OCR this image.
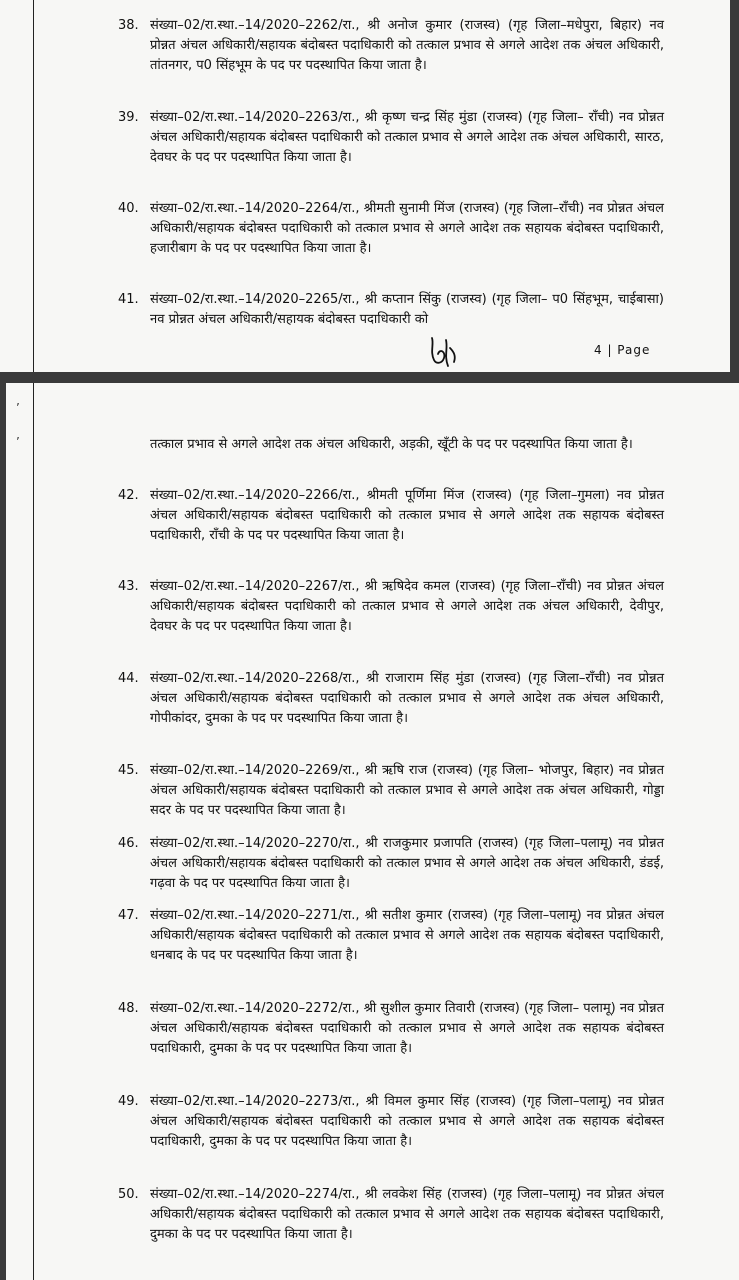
38. संख्या–02/रा.स्था.–14/2020–2262/रा., श्री अनोज कुमार (राजस्व) (गृह जिला–मधेपुरा, बिहार) नव प्रोन्नत अंचल अधिकारी/सहायक बंदोबस्त पदाधिकारी को तत्काल प्रभाव से अगले आदेश तक अंचल अधिकारी, तांतनगर, प0 सिंहभूम के पद पर पदस्थापित किया जाता है।
39. संख्या–02/रा.स्था.–14/2020–2263/रा., श्री कृष्ण चन्द्र सिंह मुंडा (राजस्व) (गृह जिला– राँची) नव प्रोन्नत अंचल अधिकारी/सहायक बंदोबस्त पदाधिकारी को तत्काल प्रभाव से अगले आदेश तक अंचल अधिकारी, सारठ, देवघर के पद पर पदस्थापित किया जाता है।
40. संख्या–02/रा.स्था.–14/2020–2264/रा., श्रीमती सुनामी मिंज (राजस्व) (गृह जिला–राँची) नव प्रोन्नत अंचल अधिकारी/सहायक बंदोबस्त पदाधिकारी को तत्काल प्रभाव से अगले आदेश तक सहायक बंदोबस्त पदाधिकारी, हजारीबाग के पद पर पदस्थापित किया जाता है।
41. संख्या–02/रा.स्था.–14/2020–2265/रा., श्री कप्तान सिंकु (राजस्व) (गृह जिला– प0 सिंहभूम, चाईबासा) नव प्रोन्नत अंचल अधिकारी/सहायक बंदोबस्त पदाधिकारी को
4 | Page
’
’	तत्काल प्रभाव से अगले आदेश तक अंचल अधिकारी, अड़की, खूँटी के पद पर पदस्थापित किया जाता है।
42. संख्या–02/रा.स्था.–14/2020–2266/रा., श्रीमती पूर्णिमा मिंज (राजस्व) (गृह जिला–गुमला) नव प्रोन्नत अंचल अधिकारी/सहायक बंदोबस्त पदाधिकारी को तत्काल प्रभाव से अगले आदेश तक सहायक बंदोबस्त पदाधिकारी, राँची के पद पर पदस्थापित किया जाता है।
43. संख्या–02/रा.स्था.–14/2020–2267/रा., श्री ऋषिदेव कमल (राजस्व) (गृह जिला–राँची) नव प्रोन्नत अंचल अधिकारी/सहायक बंदोबस्त पदाधिकारी को तत्काल प्रभाव से अगले आदेश तक अंचल अधिकारी, देवीपुर, देवघर के पद पर पदस्थापित किया जाता है।
44. संख्या–02/रा.स्था.–14/2020–2268/रा., श्री राजाराम सिंह मुंडा (राजस्व) (गृह जिला–राँची) नव प्रोन्नत अंचल अधिकारी/सहायक बंदोबस्त पदाधिकारी को तत्काल प्रभाव से अगले आदेश तक अंचल अधिकारी, गोपीकांदर, दुमका के पद पर पदस्थापित किया जाता है।
45. संख्या–02/रा.स्था.–14/2020–2269/रा., श्री ऋषि राज (राजस्व) (गृह जिला– भोजपुर, बिहार) नव प्रोन्नत अंचल अधिकारी/सहायक बंदोबस्त पदाधिकारी को तत्काल प्रभाव से अगले आदेश तक अंचल अधिकारी, गोड्डा सदर के पद पर पदस्थापित किया जाता है।
46. संख्या–02/रा.स्था.–14/2020–2270/रा., श्री राजकुमार प्रजापति (राजस्व) (गृह जिला–पलामू) नव प्रोन्नत अंचल अधिकारी/सहायक बंदोबस्त पदाधिकारी को तत्काल प्रभाव से अगले आदेश तक अंचल अधिकारी, डंडई, गढ़वा के पद पर पदस्थापित किया जाता है।
47. संख्या–02/रा.स्था.–14/2020–2271/रा., श्री सतीश कुमार (राजस्व) (गृह जिला–पलामू) नव प्रोन्नत अंचल अधिकारी/सहायक बंदोबस्त पदाधिकारी को तत्काल प्रभाव से अगले आदेश तक सहायक बंदोबस्त पदाधिकारी, धनबाद के पद पर पदस्थापित किया जाता है।
48. संख्या–02/रा.स्था.–14/2020–2272/रा., श्री सुशील कुमार तिवारी (राजस्व) (गृह जिला– पलामू) नव प्रोन्नत अंचल अधिकारी/सहायक बंदोबस्त पदाधिकारी को तत्काल प्रभाव से अगले आदेश तक सहायक बंदोबस्त पदाधिकारी, दुमका के पद पर पदस्थापित किया जाता है।
49. संख्या–02/रा.स्था.–14/2020–2273/रा., श्री विमल कुमार सिंह (राजस्व) (गृह जिला–पलामू) नव प्रोन्नत अंचल अधिकारी/सहायक बंदोबस्त पदाधिकारी को तत्काल प्रभाव से अगले आदेश तक सहायक बंदोबस्त पदाधिकारी, दुमका के पद पर पदस्थापित किया जाता है।
50. संख्या–02/रा.स्था.–14/2020–2274/रा., श्री लवकेश सिंह (राजस्व) (गृह जिला–पलामू) नव प्रोन्नत अंचल अधिकारी/सहायक बंदोबस्त पदाधिकारी को तत्काल प्रभाव से अगले आदेश तक सहायक बंदोबस्त पदाधिकारी, दुमका के पद पर पदस्थापित किया जाता है।
